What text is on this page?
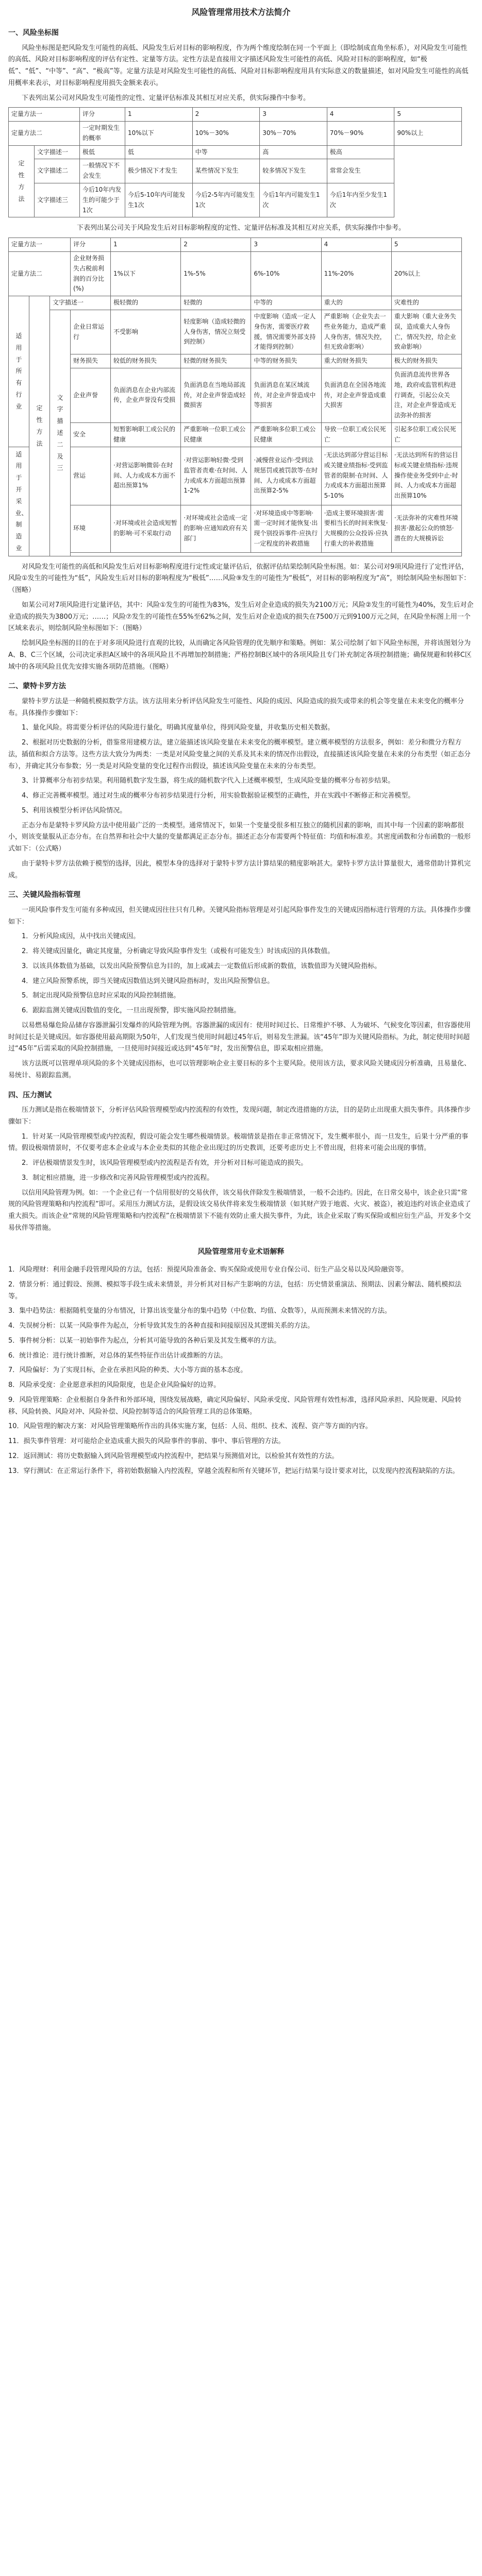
风险管理常用技术方法简介
一、风险坐标图

风险坐标图是把风险发生可能性的高低、风险发生后对目标的影响程度，作为两个维度绘制在同一个平面上（即绘制成直角坐标系），对风险发生可能性的高低、风险对目标影响程度的评估有定性、定量等方法。定性方法是直接用文字描述风险发生可能性的高低、风险对目标的影响程度，如“极低”、“低”、“中等”、“高”、“极高”等。定量方法是对风险发生可能性的高低、风险对目标影响程度用具有实际意义的数量描述，如对风险发生可能性的高低用概率来表示，对目标影响程度用损失金额来表示。

下表列出某公司对风险发生可能性的定性、定量评估标准及其相互对应关系，供实际操作中参考。

定量方法一		评分	1	2	3	4	5
定量方法二		一定时期发生的概率	10%以下	10%－30%	30%－70%	70%－90%	90%以上

定性方法	文字描述一	极低	低	中等	高	极高	
	文字描述二	一般情况下不会发生	极少情况下才发生	某些情况下发生	较多情况下发生	常常会发生	
	文字描述三	今后10年内发生的可能少于1次	今后5-10年内可能发生1次	今后2-5年内可能发生1次	今后1年内可能发生1次	今后1年内至少发生1次	

下表列出某公司关于风险发生后对目标影响程度的定性、定量评估标准及其相互对应关系，供实际操作中参考。

定量方法一			评分	1	2	3	4	5
定量方法二			企业财务损失占税前利润的百分比(%)	1%以下	1%-5%	6%-10%	11%-20%	20%以上

适用于所有行业	定性方法	文字描述一		极轻微的	轻微的	中等的	重大的	灾难性的

		文字描述二及三	企业日常运行	不受影响	轻度影响（造成轻微的人身伤害，情况立刻受到控制）	中度影响（造成一定人身伤害，需要医疗救援，情况需要外部支持才能得到控制）	严重影响（企业失去一些业务能力，造成严重人身伤害，情况失控，但无致命影响）	重大影响（重大业务失误，造成重大人身伤亡，情况失控，给企业致命影响）
			财务损失	较低的财务损失	轻微的财务损失	中等的财务损失	重大的财务损失	极大的财务损失
			企业声誉	负面消息在企业内部流传，企业声誉没有受损	负面消息在当地局部流传，对企业声誉造成轻微损害	负面消息在某区域流传，对企业声誉造成中等损害	负面消息在全国各地流传，对企业声誉造成重大损害	负面消息流传世界各地，政府或监管机构进行调查，引起公众关注，对企业声誉造成无法弥补的损害
			安全	短暂影响职工或公民的健康	严重影响一位职工或公民健康	严重影响多位职工或公民健康	导致一位职工或公民死亡	引起多位职工或公民死亡

适用于开采业、制造业			营运	·对营运影响微弱·在时间、人力或成本方面不超出预算1%	·对营运影响轻微·受到监管者责难·在时间、人力或成本方面超出预算1-2%	·减慢营业运作·受到法规惩罚或被罚款等·在时间、人力或成本方面超出预算2-5%	·无法达到部分营运目标或关键业绩指标·受到监管者的限制·在时间、人力或成本方面超出预算5-10%	·无法达到所有的营运目标或关键业绩指标·违规操作使业务受到中止·时间、人力或成本方面超出预算10%
			环境	·对环境或社会造成短暂的影响·可不采取行动	·对环境或社会造成一定的影响·应通知政府有关部门	·对环境造成中等影响·需一定时间才能恢复·出现个别投诉事件·应执行一定程度的补救措施	·造成主要环境损害·需要相当长的时间来恢复·大规模的公众投诉·应执行重大的补救措施	·无法弥补的灾难性环境损害·激起公众的愤怒·潜在的大规模诉讼

对风险发生可能性的高低和风险发生后对目标影响程度进行定性或定量评估后，依据评估结果绘制风险坐标图。如：某公司对9项风险进行了定性评估，风险①发生的可能性为“低”，风险发生后对目标的影响程度为“极低”……风险⑨发生的可能性为“极低”，对目标的影响程度为“高”，则绘制风险坐标图如下：（图略）

如某公司对7项风险进行定量评估，其中：风险①发生的可能性为83%，发生后对企业造成的损失为2100万元；风险②发生的可能性为40%，发生后对企业造成的损失为3800万元；……；风险⑦发生的可能性在55%至62%之间，发生后对企业造成的损失在7500万元到9100万元之间，在风险坐标图上用一个区域来表示，则绘制风险坐标图如下：（图略）

绘制风险坐标图的目的在于对多项风险进行直观的比较，从而确定各风险管理的优先顺序和策略。例如：某公司绘制了如下风险坐标图，并将该图划分为A、B、C三个区域，公司决定承担A区域中的各项风险且不再增加控制措施；严格控制B区域中的各项风险且专门补充制定各项控制措施；确保规避和转移C区域中的各项风险且优先安排实施各项防范措施。（图略）

二、蒙特卡罗方法

蒙特卡罗方法是一种随机模拟数学方法。该方法用来分析评估风险发生可能性、风险的成因、风险造成的损失或带来的机会等变量在未来变化的概率分布。具体操作步骤如下：

1、量化风险。将需要分析评估的风险进行量化，明确其度量单位，得到风险变量，并收集历史相关数据。

2、根据对历史数据的分析，借鉴常用建模方法，建立能描述该风险变量在未来变化的概率模型。建立概率模型的方法很多，例如：差分和微分方程方法，插值和拟合方法等。这些方法大致分为两类：一类是对风险变量之间的关系及其未来的情况作出假设，直接描述该风险变量在未来的分布类型（如正态分布），并确定其分布参数；另一类是对风险变量的变化过程作出假设，描述该风险变量在未来的分布类型。

3、计算概率分布初步结果。利用随机数字发生器，将生成的随机数字代入上述概率模型，生成风险变量的概率分布初步结果。

4、修正完善概率模型。通过对生成的概率分布初步结果进行分析，用实验数据验证模型的正确性，并在实践中不断修正和完善模型。

5、利用该模型分析评估风险情况。

正态分布是蒙特卡罗风险方法中使用最广泛的一类模型。通常情况下，如果一个变量受很多相互独立的随机因素的影响，而其中每一个因素的影响都很小，则该变量服从正态分布。在自然界和社会中大量的变量都满足正态分布。描述正态分布需要两个特征值：均值和标准差。其密度函数和分布函数的一般形式如下：（公式略）

由于蒙特卡罗方法依赖于模型的选择，因此，模型本身的选择对于蒙特卡罗方法计算结果的精度影响甚大。蒙特卡罗方法计算量很大，通常借助计算机完成。

三、关键风险指标管理

一项风险事件发生可能有多种成因，但关键成因往往只有几种。关键风险指标管理是对引起风险事件发生的关键成因指标进行管理的方法。具体操作步骤如下：

1．分析风险成因，从中找出关键成因。

2．将关键成因量化，确定其度量，分析确定导致风险事件发生（或极有可能发生）时该成因的具体数值。

3．以该具体数值为基础，以发出风险预警信息为目的，加上或减去一定数值后形成新的数值，该数值即为关键风险指标。

4．建立风险预警系统，即当关键成因数值达到关键风险指标时，发出风险预警信息。

5．制定出现风险预警信息时应采取的风险控制措施。

6．跟踪监测关键成因数值的变化，一旦出现预警，即实施风险控制措施。

以易燃易爆危险品储存容器泄漏引发爆炸的风险管理为例。容器泄漏的成因有：使用时间过长、日常维护不够、人为破坏、气候变化等因素，但容器使用时间过长是关键成因。如容器使用最高期限为50年，人们发现当使用时间超过45年后，则易发生泄漏。该“45年”即为关键风险指标。为此，制定使用时间超过“45年”后需采取的风险控制措施，一旦使用时间接近或达到“45年”时，发出预警信息，即采取相应措施。

该方法既可以管理单项风险的多个关键成因指标，也可以管理影响企业主要目标的多个主要风险。使用该方法，要求风险关键成因分析准确，且易量化、易统计、易跟踪监测。

四、压力测试

压力测试是指在极端情景下，分析评估风险管理模型或内控流程的有效性，发现问题，制定改进措施的方法，目的是防止出现重大损失事件。具体操作步骤如下：

1．针对某一风险管理模型或内控流程，假设可能会发生哪些极端情景。极端情景是指在非正常情况下，发生概率很小，而一旦发生，后果十分严重的事情。假设极端情景时，不仅要考虑本企业或与本企业类似的其他企业出现过的历史教训，还要考虑历史上不曾出现，但将来可能会出现的事情。

2．评估极端情景发生时，该风险管理模型或内控流程是否有效，并分析对目标可能造成的损失。

3．制定相应措施，进一步修改和完善风险管理模型或内控流程。

以信用风险管理为例。如：一个企业已有一个信用很好的交易伙伴，该交易伙伴除发生极端情景，一般不会违约。因此，在日常交易中，该企业只需“常规的风险管理策略和内控流程”即可。采用压力测试方法，是假设该交易伙伴将来发生极端情景（如其财产毁于地震、火灾、被盗），被迫违约对该企业造成了重大损失。而该企业“常规的风险管理策略和内控流程”在极端情景下不能有效防止重大损失事件，为此，该企业采取了购买保险或相应衍生产品，开发多个交易伙伴等措施。

风险管理常用专业术语解释

1．风险理财：利用金融手段管理风险的方法，包括：预提风险准备金、购买保险或使用专业自保公司、衍生产品交易以及风险融资等。

2．情景分析：通过假设、预测、模拟等手段生成未来情景，并分析其对目标产生影响的方法，包括：历史情景重演法、预期法、因素分解法、随机模拟法等。

3．集中趋势法：根据随机变量的分布情况，计算出该变量分布的集中趋势（中位数、均值、众数等），从而预测未来情况的方法。

4．失误树分析：以某一风险事件为起点，分析导致其发生的各种直接和间接原因及其逻辑关系的方法。

5．事件树分析：以某一初始事件为起点，分析其可能导致的各种后果及其发生概率的方法。

6．统计推论：进行统计推断，对总体的某些特征作出估计或推断的方法。

7．风险偏好：为了实现目标，企业在承担风险的种类、大小等方面的基本态度。

8．风险承受度：企业愿意承担的风险限度，也是企业风险偏好的边界。

9．风险管理策略：企业根据自身条件和外部环境，围绕发展战略，确定风险偏好、风险承受度、风险管理有效性标准，选择风险承担、风险规避、风险转移、风险转换、风险对冲、风险补偿、风险控制等适合的风险管理工具的总体策略。

10．风险管理的解决方案：对风险管理策略所作出的具体实施方案，包括：人员、组织、技术、流程、资产等方面的内容。

11．损失事件管理：对可能给企业造成重大损失的风险事件的事前、事中、事后管理的方法。

12．返回测试：将历史数据输入到风险管理模型或内控流程中，把结果与预测值对比，以检验其有效性的方法。

13．穿行测试：在正常运行条件下，将初始数据输入内控流程，穿越全流程和所有关键环节，把运行结果与设计要求对比，以发现内控流程缺陷的方法。
